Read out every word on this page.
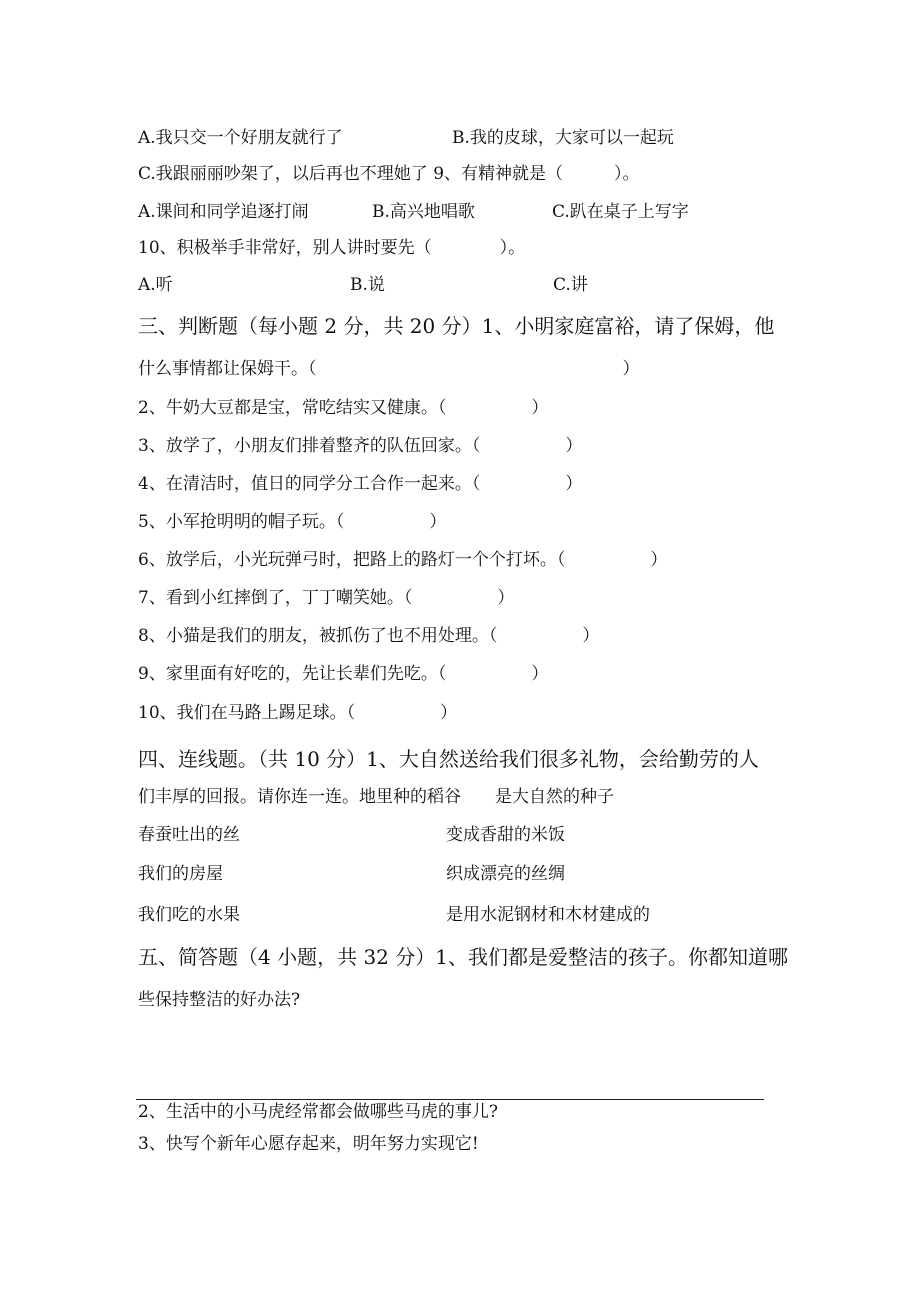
A.我只交一个好朋友就行了	B.我的皮球，大家可以一起玩
C.我跟丽丽吵架了，以后再也不理她了 9、有精神就是（　　　）。
A.课间和同学追逐打闹	B.高兴地唱歌	C.趴在桌子上写字
10、积极举手非常好，别人讲时要先（　　　　）。
A.听	B.说	C.讲
三、判断题（每小题 2 分，共 20 分）1、小明家庭富裕，请了保姆，他
什么事情都让保姆干。（　　　　　　　　　　　　　　　　　　）
2、牛奶大豆都是宝，常吃结实又健康。（　　　　　）
3、放学了，小朋友们排着整齐的队伍回家。（　　　　　）
4、在清洁时，值日的同学分工合作一起来。（　　　　　）
5、小军抢明明的帽子玩。（　　　　　）
6、放学后，小光玩弹弓时，把路上的路灯一个个打坏。（　　　　　）
7、看到小红摔倒了，丁丁嘲笑她。（　　　　　）
8、小猫是我们的朋友，被抓伤了也不用处理。（　　　　　）
9、家里面有好吃的，先让长辈们先吃。（　　　　　）
10、我们在马路上踢足球。（　　　　　）
四、连线题。（共 10 分）1、大自然送给我们很多礼物，会给勤劳的人
们丰厚的回报。请你连一连。地里种的稻谷　　是大自然的种子
春蚕吐出的丝	变成香甜的米饭
我们的房屋	织成漂亮的丝绸
我们吃的水果	是用水泥钢材和木材建成的
五、简答题（4 小题，共 32 分）1、我们都是爱整洁的孩子。你都知道哪
些保持整洁的好办法?
2、生活中的小马虎经常都会做哪些马虎的事儿?
3、快写个新年心愿存起来，明年努力实现它!
